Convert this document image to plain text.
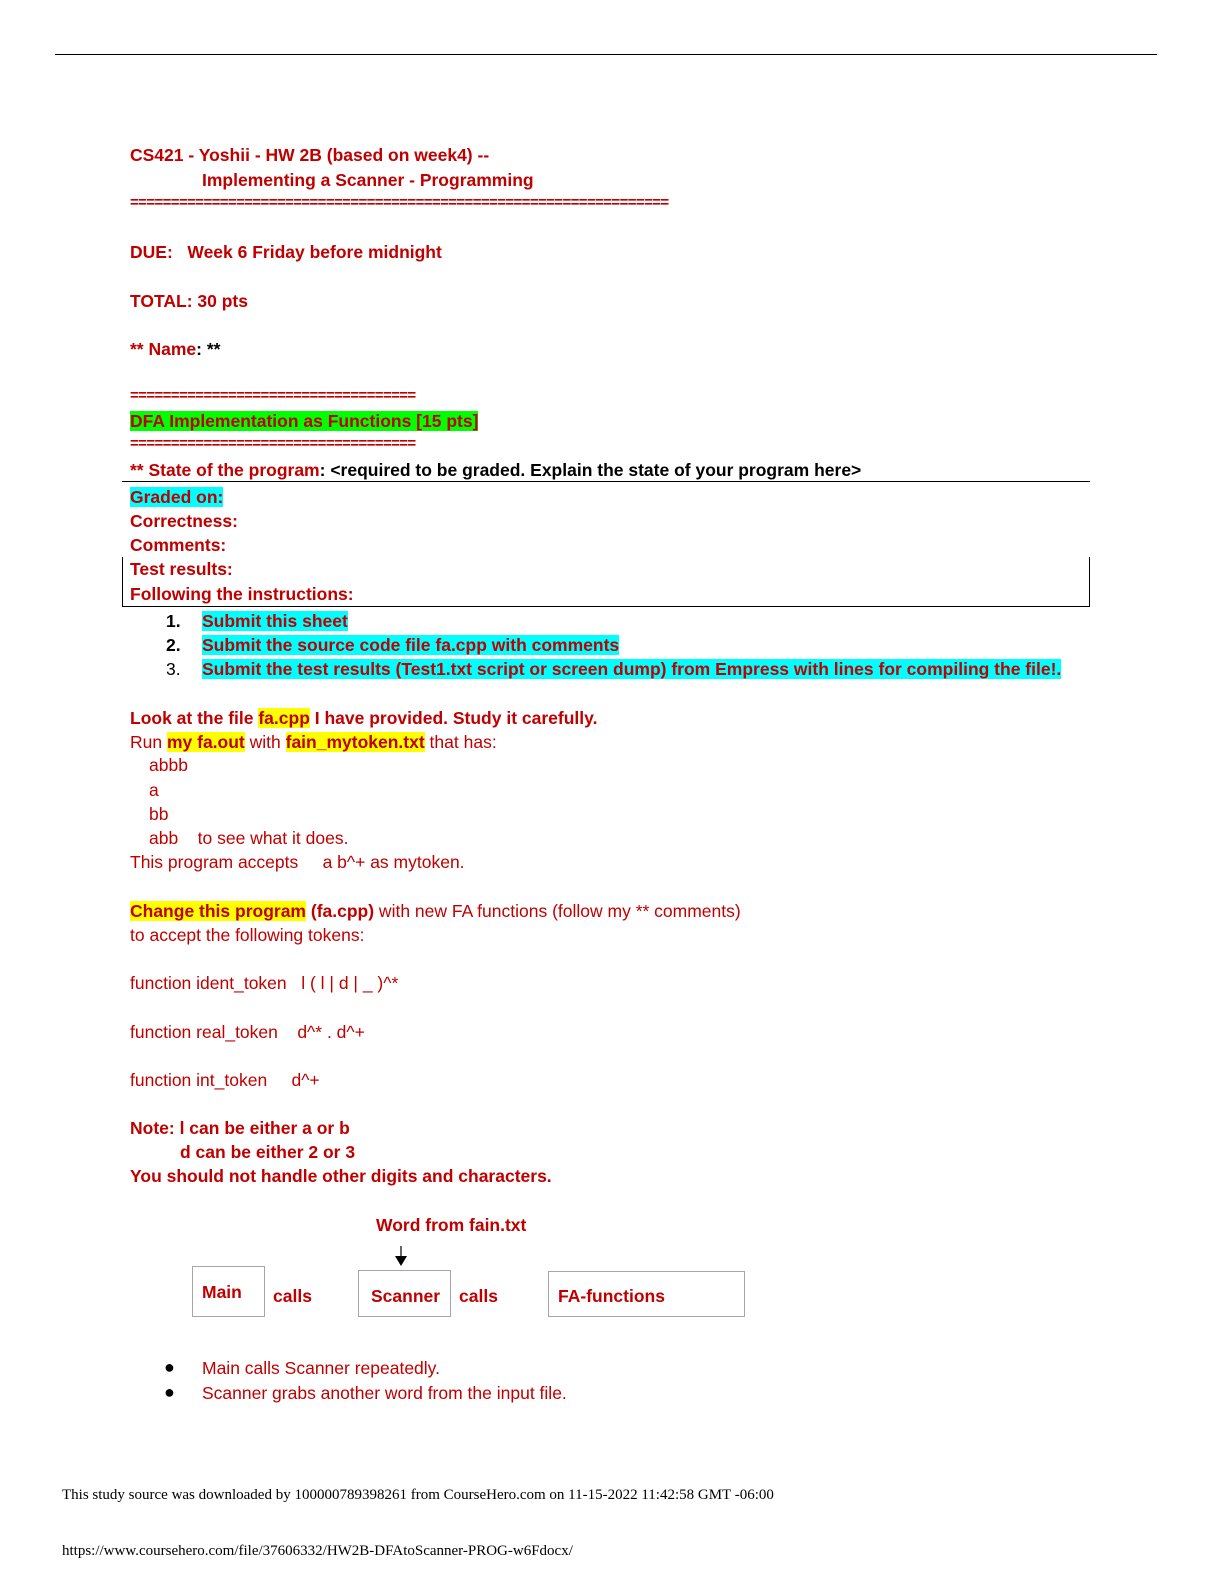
CS421 - Yoshii - HW 2B (based on week4) --
Implementing a Scanner - Programming
==================================================================
DUE: Week 6 Friday before midnight
TOTAL: 30 pts
** Name: **
===================================
DFA Implementation as Functions [15 pts]
===================================
** State of the program: <required to be graded. Explain the state of your program here>
Graded on:
Correctness:
Comments:
Test results:
Following the instructions:
1. Submit this sheet
2. Submit the source code file fa.cpp with comments
3. Submit the test results (Test1.txt script or screen dump) from Empress with lines for compiling the file!.
Look at the file fa.cpp I have provided. Study it carefully.
Run my fa.out with fain_mytoken.txt that has:
abbb
a
bb
abb    to see what it does.
This program accepts     a b^+ as mytoken.
Change this program (fa.cpp) with new FA functions (follow my ** comments)
to accept the following tokens:
function ident_token   l ( l | d | _ )^*
function real_token    d^* . d^+
function int_token     d^+
Note: l can be either a or b
d can be either 2 or 3
You should not handle other digits and characters.
Word from fain.txt
Main calls	Scanner calls	FA-functions
● Main calls Scanner repeatedly.
● Scanner grabs another word from the input file.
This study source was downloaded by 100000789398261 from CourseHero.com on 11-15-2022 11:42:58 GMT -06:00
https://www.coursehero.com/file/37606332/HW2B-DFAtoScanner-PROG-w6Fdocx/
